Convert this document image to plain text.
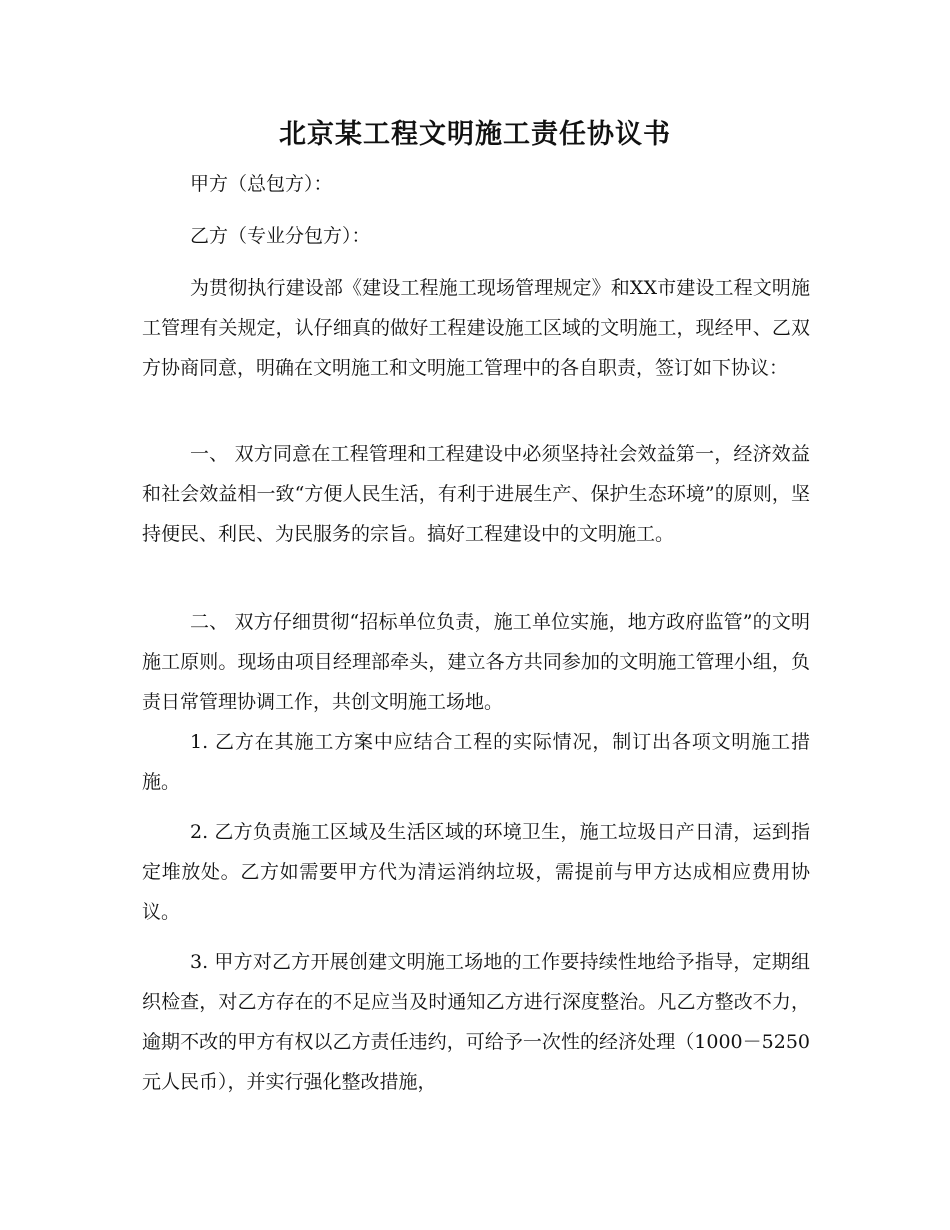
北京某工程文明施工责任协议书

甲方（总包方）：

乙方（专业分包方）：

为贯彻执行建设部《建设工程施工现场管理规定》和XX市建设工程文明施工管理有关规定，认仔细真的做好工程建设施工区域的文明施工，现经甲、乙双方协商同意，明确在文明施工和文明施工管理中的各自职责，签订如下协议：

一、 双方同意在工程管理和工程建设中必须坚持社会效益第一，经济效益和社会效益相一致“方便人民生活，有利于进展生产、保护生态环境”的原则，坚持便民、利民、为民服务的宗旨。搞好工程建设中的文明施工。

二、 双方仔细贯彻“招标单位负责，施工单位实施，地方政府监管”的文明施工原则。现场由项目经理部牵头，建立各方共同参加的文明施工管理小组，负责日常管理协调工作，共创文明施工场地。

1. 乙方在其施工方案中应结合工程的实际情况，制订出各项文明施工措施。

2. 乙方负责施工区域及生活区域的环境卫生，施工垃圾日产日清，运到指定堆放处。乙方如需要甲方代为清运消纳垃圾，需提前与甲方达成相应费用协议。

3. 甲方对乙方开展创建文明施工场地的工作要持续性地给予指导，定期组织检查，对乙方存在的不足应当及时通知乙方进行深度整治。凡乙方整改不力，逾期不改的甲方有权以乙方责任违约，可给予一次性的经济处理（1000－5250元人民币），并实行强化整改措施，
